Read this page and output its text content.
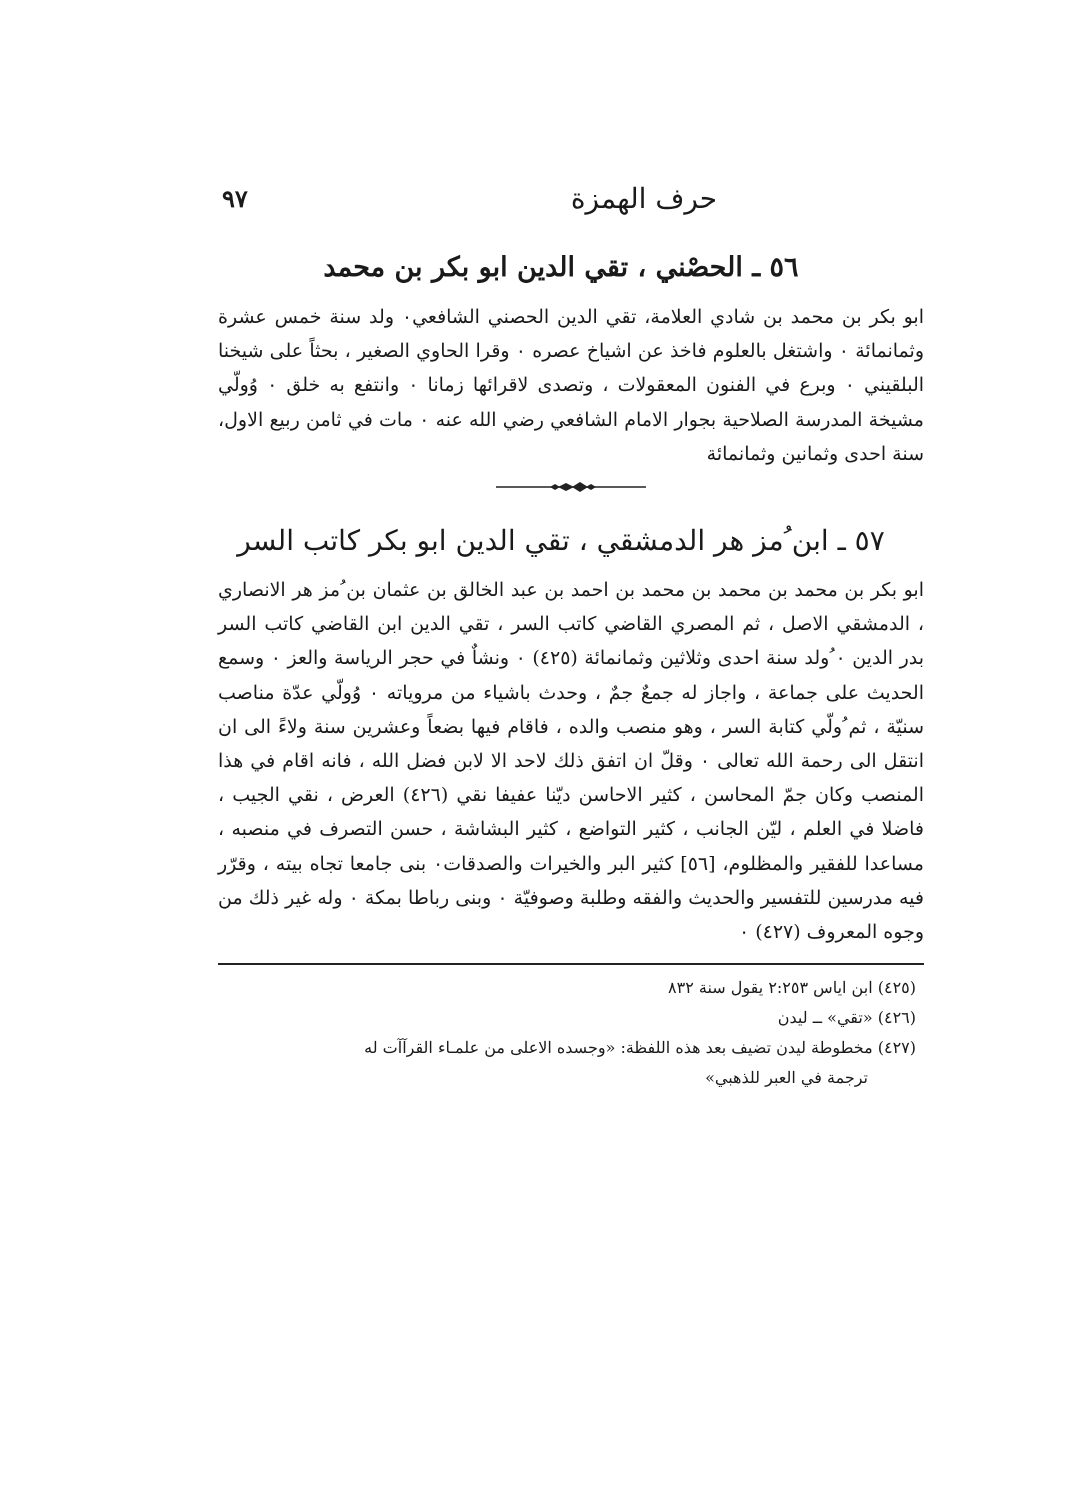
حرف الهمزة
٩٧
٥٦ ـ الحصْني ، تقي الدين ابو بكر بن محمد

ابو بكر بن محمد بن شادي العلامة، تقي الدين الحصني الشافعي٠ ولد سنة خمس عشرة وثمانمائة ٠ واشتغل بالعلوم فاخذ عن اشياخ عصره ٠ وقرا الحاوي الصغير ، بحثاً على شيخنا البلقيني ٠ وبرع في الفنون المعقولات ، وتصدى لاقرائها زمانا ٠ وانتفع به خلق ٠ وُولّي مشيخة المدرسة الصلاحية بجوار الامام الشافعي رضي الله عنه ٠ مات في ثامن ربيع الاول، سنة احدى وثمانين وثمانمائة

٥٧ ـ ابن ُمز هر الدمشقي ، تقي الدين ابو بكر كاتب السر

ابو بكر بن محمد بن محمد بن محمد بن احمد بن عبد الخالق بن عثمان بن ُمز هر الانصاري ، الدمشقي الاصل ، ثم المصري القاضي كاتب السر ، تقي الدين ابن القاضي كاتب السر بدر الدين ٠ ُولد سنة احدى وثلاثين وثمانمائة (٤٢٥) ٠ ونشاٌ في حجر الرياسة والعز ٠ وسمع الحديث على جماعة ، واجاز له جمعٌ جمٌ ، وحدث باشياء من مروياته ٠ وُولّي عدّة مناصب سنيّة ، ثم ُولّي كتابة السر ، وهو منصب والده ، فاقام فيها بضعاً وعشرين سنة ولاءً الى ان انتقل الى رحمة الله تعالى ٠ وقلّ ان اتفق ذلك لاحد الا لابن فضل الله ، فانه اقام في هذا المنصب وكان جمّ المحاسن ، كثير الاحاسن ديّنا عفيفا نقي (٤٢٦) العرض ، نقي الجيب ، فاضلا في العلم ، ليّن الجانب ، كثير التواضع ، كثير البشاشة ، حسن التصرف في منصبه ، مساعدا للفقير والمظلوم، [٥٦] كثير البر والخيرات والصدقات٠ بنى جامعا تجاه بيته ، وقرّر فيه مدرسين للتفسير والحديث والفقه وطلبة وصوفيّة ٠ وبنى رباطا بمكة ٠ وله غير ذلك من وجوه المعروف (٤٢٧) ٠

(٤٢٥) ابن اياس ٢:٢٥٣ يقول سنة ٨٣٢

(٤٢٦) «تقي» ــ ليدن

(٤٢٧) مخطوطة ليدن تضيف بعد هذه اللفظة: «وجسده الاعلى من علمـاء القرآآت له

ترجمة في العبر للذهبي»
